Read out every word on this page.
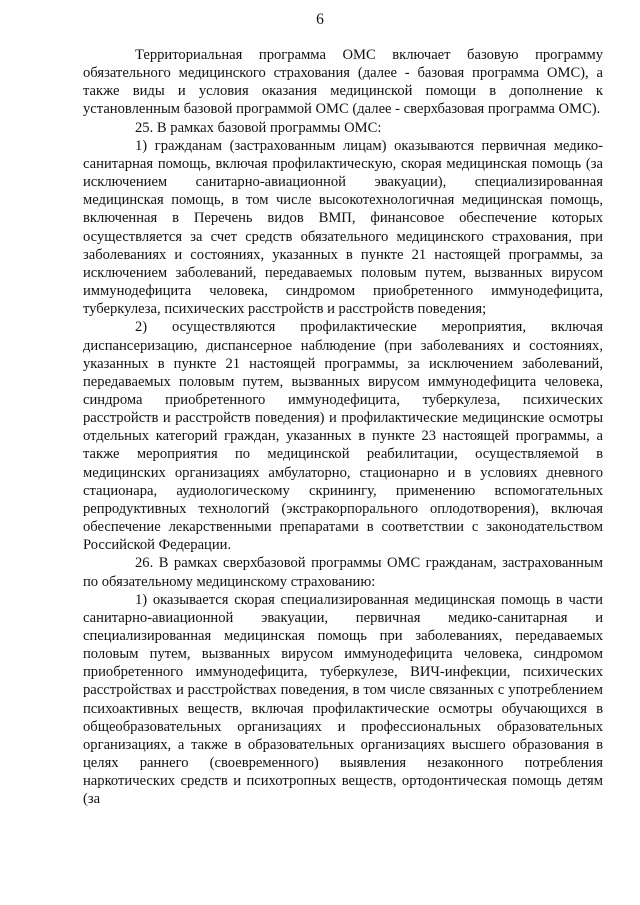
6

Территориальная программа ОМС включает базовую программу обязательного медицинского страхования (далее - базовая программа ОМС), а также виды и условия оказания медицинской помощи в дополнение к установленным базовой программой ОМС (далее - сверхбазовая программа ОМС).

25. В рамках базовой программы ОМС:

1) гражданам (застрахованным лицам) оказываются первичная медико-санитарная помощь, включая профилактическую, скорая медицинская помощь (за исключением санитарно-авиационной эвакуации), специализированная медицинская помощь, в том числе высокотехнологичная медицинская помощь, включенная в Перечень видов ВМП, финансовое обеспечение которых осуществляется за счет средств обязательного медицинского страхования, при заболеваниях и состояниях, указанных в пункте 21 настоящей программы, за исключением заболеваний, передаваемых половым путем, вызванных вирусом иммунодефицита человека, синдромом приобретенного иммунодефицита, туберкулеза, психических расстройств и расстройств поведения;

2) осуществляются профилактические мероприятия, включая диспансеризацию, диспансерное наблюдение (при заболеваниях и состояниях, указанных в пункте 21 настоящей программы, за исключением заболеваний, передаваемых половым путем, вызванных вирусом иммунодефицита человека, синдрома приобретенного иммунодефицита, туберкулеза, психических расстройств и расстройств поведения) и профилактические медицинские осмотры отдельных категорий граждан, указанных в пункте 23 настоящей программы, а также мероприятия по медицинской реабилитации, осуществляемой в медицинских организациях амбулаторно, стационарно и в условиях дневного стационара, аудиологическому скринингу, применению вспомогательных репродуктивных технологий (экстракорпорального оплодотворения), включая обеспечение лекарственными препаратами в соответствии с законодательством Российской Федерации.

26. В рамках сверхбазовой программы ОМС гражданам, застрахованным по обязательному медицинскому страхованию:

1) оказывается скорая специализированная медицинская помощь в части санитарно-авиационной эвакуации, первичная медико-санитарная и специализированная медицинская помощь при заболеваниях, передаваемых половым путем, вызванных вирусом иммунодефицита человека, синдромом приобретенного иммунодефицита, туберкулезе, ВИЧ-инфекции, психических расстройствах и расстройствах поведения, в том числе связанных с употреблением психоактивных веществ, включая профилактические осмотры обучающихся в общеобразовательных организациях и профессиональных образовательных организациях, а также в образовательных организациях высшего образования в целях раннего (своевременного) выявления незаконного потребления наркотических средств и психотропных веществ, ортодонтическая помощь детям (за
